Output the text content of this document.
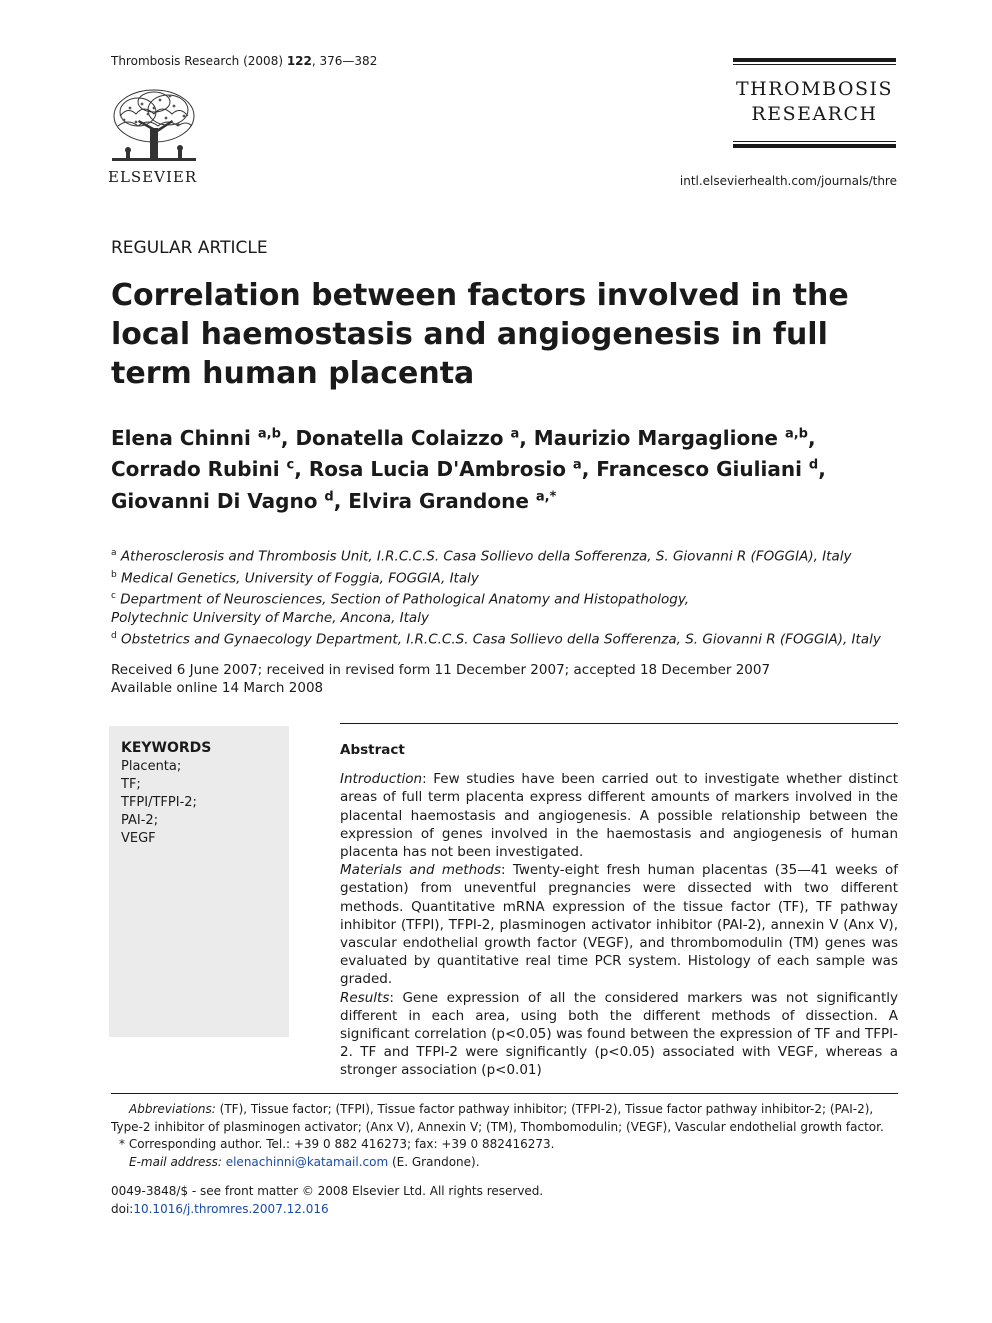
Thrombosis Research (2008) 122, 376—382
ELSEVIER
THROMBOSIS
RESEARCH
intl.elsevierhealth.com/journals/thre
REGULAR ARTICLE
Correlation between factors involved in the local haemostasis and angiogenesis in full term human placenta
Elena Chinni $^{a,b}$, Donatella Colaizzo $^a$, Maurizio Margaglione $^{a,b}$,
Corrado Rubini $^c$, Rosa Lucia D'Ambrosio $^a$, Francesco Giuliani $^d$,
Giovanni Di Vagno $^d$, Elvira Grandone $^{a,*}$
$^a$ Atherosclerosis and Thrombosis Unit, I.R.C.C.S. Casa Sollievo della Sofferenza, S. Giovanni R (FOGGIA), Italy
$^b$ Medical Genetics, University of Foggia, FOGGIA, Italy
$^c$ Department of Neurosciences, Section of Pathological Anatomy and Histopathology,
Polytechnic University of Marche, Ancona, Italy
$^d$ Obstetrics and Gynaecology Department, I.R.C.C.S. Casa Sollievo della Sofferenza, S. Giovanni R (FOGGIA), Italy
Received 6 June 2007; received in revised form 11 December 2007; accepted 18 December 2007
Available online 14 March 2008
KEYWORDS
Placenta;
TF;
TFPI/TFPI-2;
PAI-2;
VEGF
Abstract

Introduction: Few studies have been carried out to investigate whether distinct areas of full term placenta express different amounts of markers involved in the placental haemostasis and angiogenesis. A possible relationship between the expression of genes involved in the haemostasis and angiogenesis of human placenta has not been investigated.

Materials and methods: Twenty-eight fresh human placentas (35—41 weeks of gestation) from uneventful pregnancies were dissected with two different methods. Quantitative mRNA expression of the tissue factor (TF), TF pathway inhibitor (TFPI), TFPI-2, plasminogen activator inhibitor (PAI-2), annexin V (Anx V), vascular endothelial growth factor (VEGF), and thrombomodulin (TM) genes was evaluated by quantitative real time PCR system. Histology of each sample was graded.

Results: Gene expression of all the considered markers was not significantly different in each area, using both the different methods of dissection. A significant correlation (p<0.05) was found between the expression of TF and TFPI-2. TF and TFPI-2 were significantly (p<0.05) associated with VEGF, whereas a stronger association (p<0.01)

Abbreviations: (TF), Tissue factor; (TFPI), Tissue factor pathway inhibitor; (TFPI-2), Tissue factor pathway inhibitor-2; (PAI-2), Type-2 inhibitor of plasminogen activator; (Anx V), Annexin V; (TM), Thombomodulin; (VEGF), Vascular endothelial growth factor.
* Corresponding author. Tel.: +39 0 882 416273; fax: +39 0 882416273.
E-mail address: elenachinni@katamail.com (E. Grandone).
0049-3848/$ - see front matter © 2008 Elsevier Ltd. All rights reserved.
doi:10.1016/j.thromres.2007.12.016
